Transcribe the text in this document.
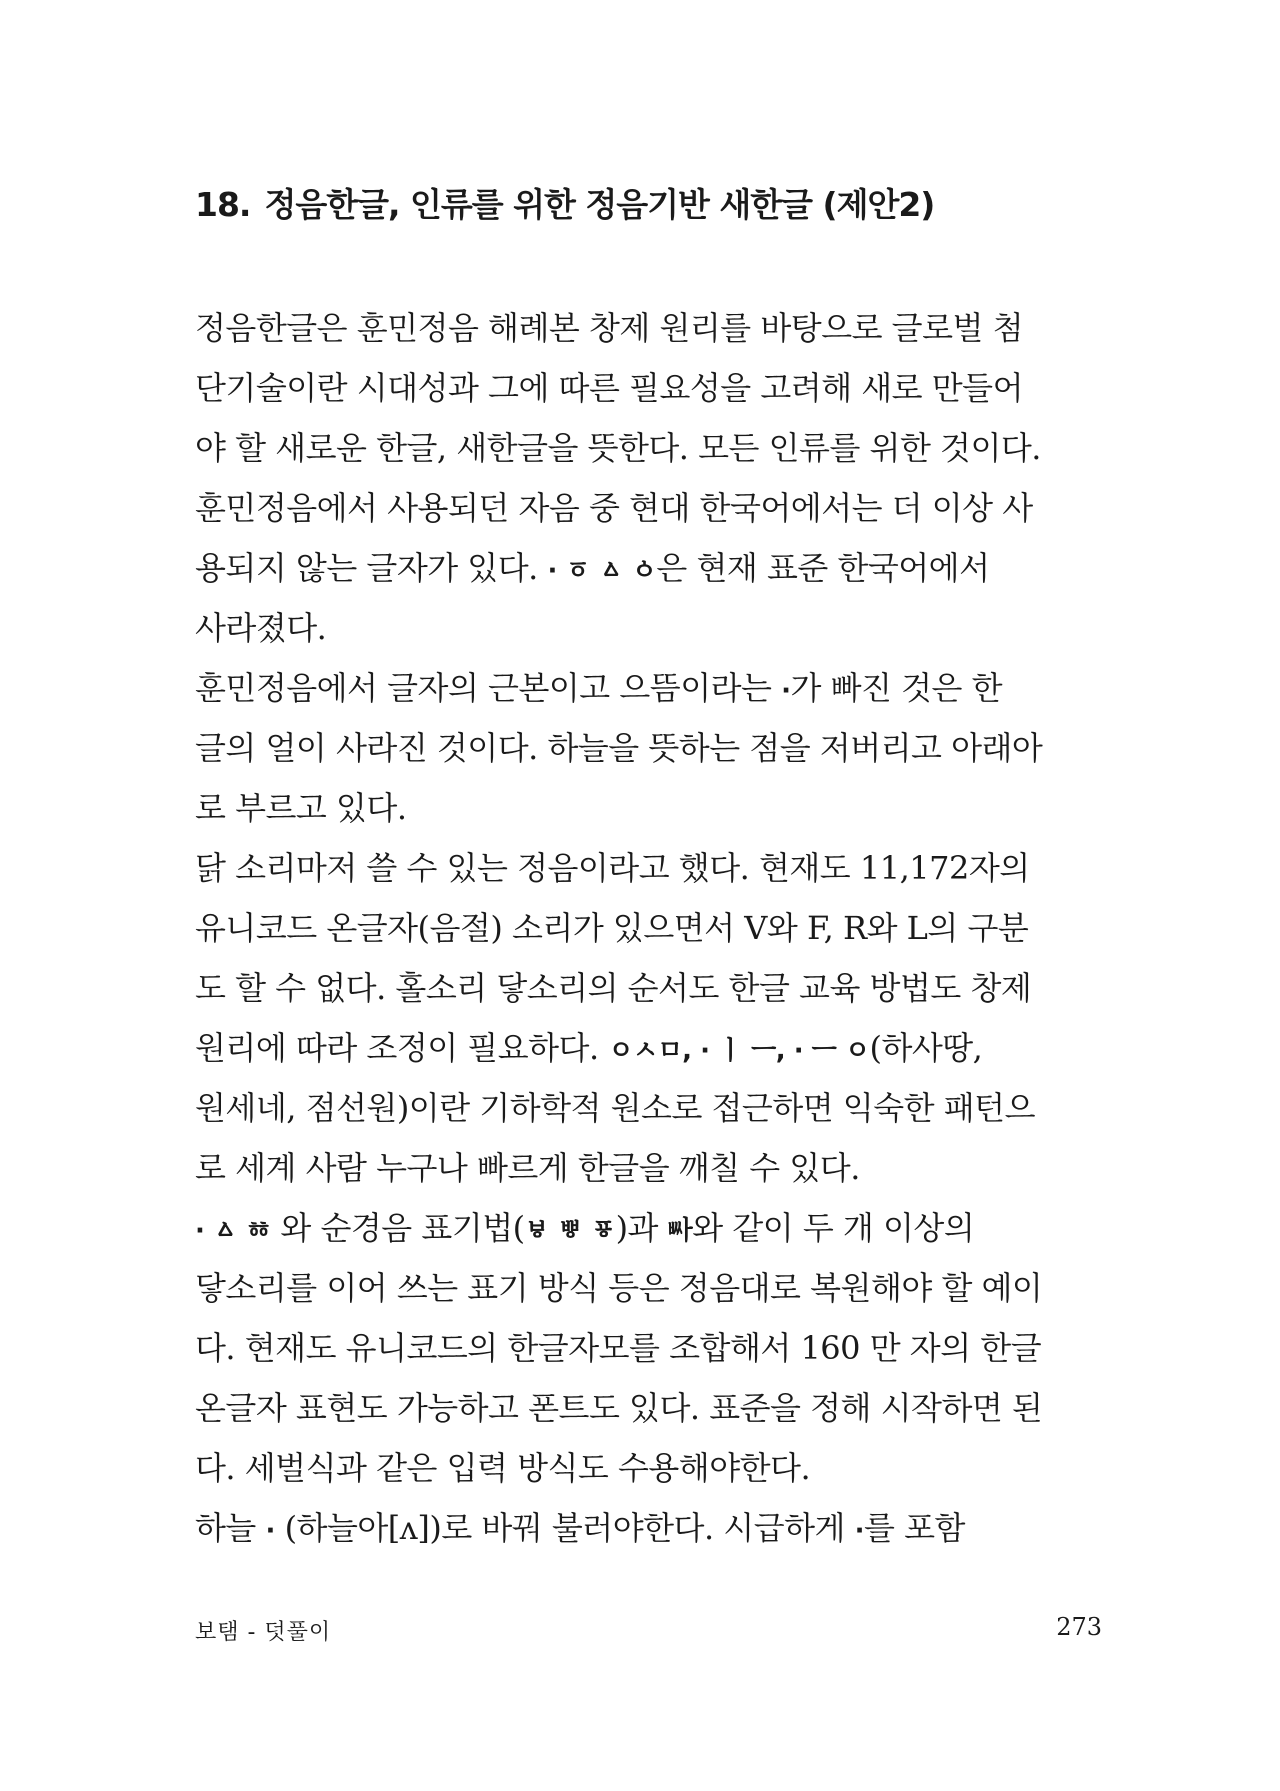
18. 정음한글, 인류를 위한 정음기반 새한글 (제안2)
정음한글은 훈민정음 해례본 창제 원리를 바탕으로 글로벌 첨
단기술이란 시대성과 그에 따른 필요성을 고려해 새로 만들어
야 할 새로운 한글, 새한글을 뜻한다. 모든 인류를 위한 것이다.
훈민정음에서 사용되던 자음 중 현대 한국어에서는 더 이상 사
용되지 않는 글자가 있다. · ㆆ ㅿ ㆁ은 현재 표준 한국어에서
사라졌다.
훈민정음에서 글자의 근본이고 으뜸이라는 ·가 빠진 것은 한
글의 얼이 사라진 것이다. 하늘을 뜻하는 점을 저버리고 아래아
로 부르고 있다.
닭 소리마저 쓸 수 있는 정음이라고 했다. 현재도 11,172자의
유니코드 온글자(음절) 소리가 있으면서 V와 F, R와 L의 구분
도 할 수 없다. 홀소리 닿소리의 순서도 한글 교육 방법도 창제
원리에 따라 조정이 필요하다. ㅇㅅㅁ, · ㅣ ㅡ, · ㅡ ㅇ(하사땅,
원세네, 점선원)이란 기하학적 원소로 접근하면 익숙한 패턴으
로 세계 사람 누구나 빠르게 한글을 깨칠 수 있다.
· ㅿ ㆅ 와 순경음 표기법(ㅸ ㅹ ㆄ)과 ᄥᅡ와 같이 두 개 이상의
닿소리를 이어 쓰는 표기 방식 등은 정음대로 복원해야 할 예이
다. 현재도 유니코드의 한글자모를 조합해서 160 만 자의 한글
온글자 표현도 가능하고 폰트도 있다. 표준을 정해 시작하면 된
다. 세벌식과 같은 입력 방식도 수용해야한다.
하늘 · (하늘아[ʌ])로 바꿔 불러야한다. 시급하게 ·를 포함
보탬 - 덧풀이	273
